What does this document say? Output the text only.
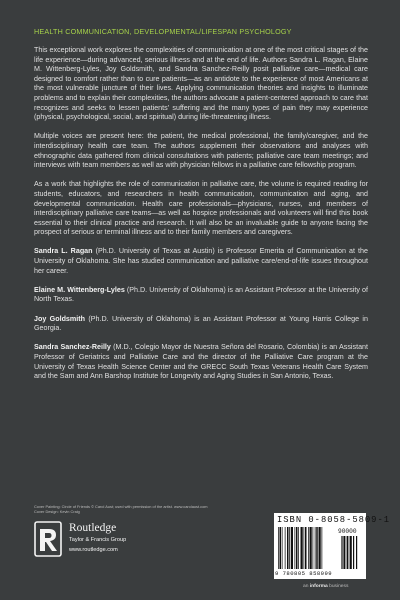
HEALTH COMMUNICATION, DEVELOPMENTAL/LIFESPAN PSYCHOLOGY

This exceptional work explores the complexities of communication at one of the most critical stages of the life experience—during advanced, serious illness and at the end of life. Authors Sandra L. Ragan, Elaine M. Wittenberg-Lyles, Joy Goldsmith, and Sandra Sanchez-Reilly posit palliative care—medical care designed to comfort rather than to cure patients—as an antidote to the experience of most Americans at the most vulnerable juncture of their lives. Applying communication theories and insights to illuminate problems and to explain their complexities, the authors advocate a patient-centered approach to care that recognizes and seeks to lessen patients’ suffering and the many types of pain they may experience (physical, psychological, social, and spiritual) during life-threatening illness.

Multiple voices are present here: the patient, the medical professional, the family/caregiver, and the interdisciplinary health care team. The authors supplement their observations and analyses with ethnographic data gathered from clinical consultations with patients; palliative care team meetings; and interviews with team members as well as with physician fellows in a palliative care fellowship program.

As a work that highlights the role of communication in palliative care, the volume is required reading for students, educators, and researchers in health communication, communication and aging, and developmental communication. Health care professionals—physicians, nurses, and members of interdisciplinary palliative care teams—as well as hospice professionals and volunteers will find this book essential to their clinical practice and research. It will also be an invaluable guide to anyone facing the prospect of serious or terminal illness and to their family members and caregivers.

Sandra L. Ragan (Ph.D. University of Texas at Austin) is Professor Emerita of Communication at the University of Oklahoma. She has studied communication and palliative care/end-of-life issues throughout her career.

Elaine M. Wittenberg-Lyles (Ph.D. University of Oklahoma) is an Assistant Professor at the University of North Texas.

Joy Goldsmith (Ph.D. University of Oklahoma) is an Assistant Professor at Young Harris College in Georgia.

Sandra Sanchez-Reilly (M.D., Colegio Mayor de Nuestra Señora del Rosario, Colombia) is an Assistant Professor of Geriatrics and Palliative Care and the director of the Palliative Care program at the University of Texas Health Science Center and the GRECC South Texas Veterans Health Care System and the Sam and Ann Barshop Institute for Longevity and Aging Studies in San Antonio, Texas.

Cover Painting: Circle of Friends © Carol Aust; used with permission of the artist. www.carolaust.com
Cover Design: Kevin Craig
Routledge
Taylor & Francis Group
www.routledge.com
ISBN 0-8058-5809-1
90000
9 780805 858099
an informa business
